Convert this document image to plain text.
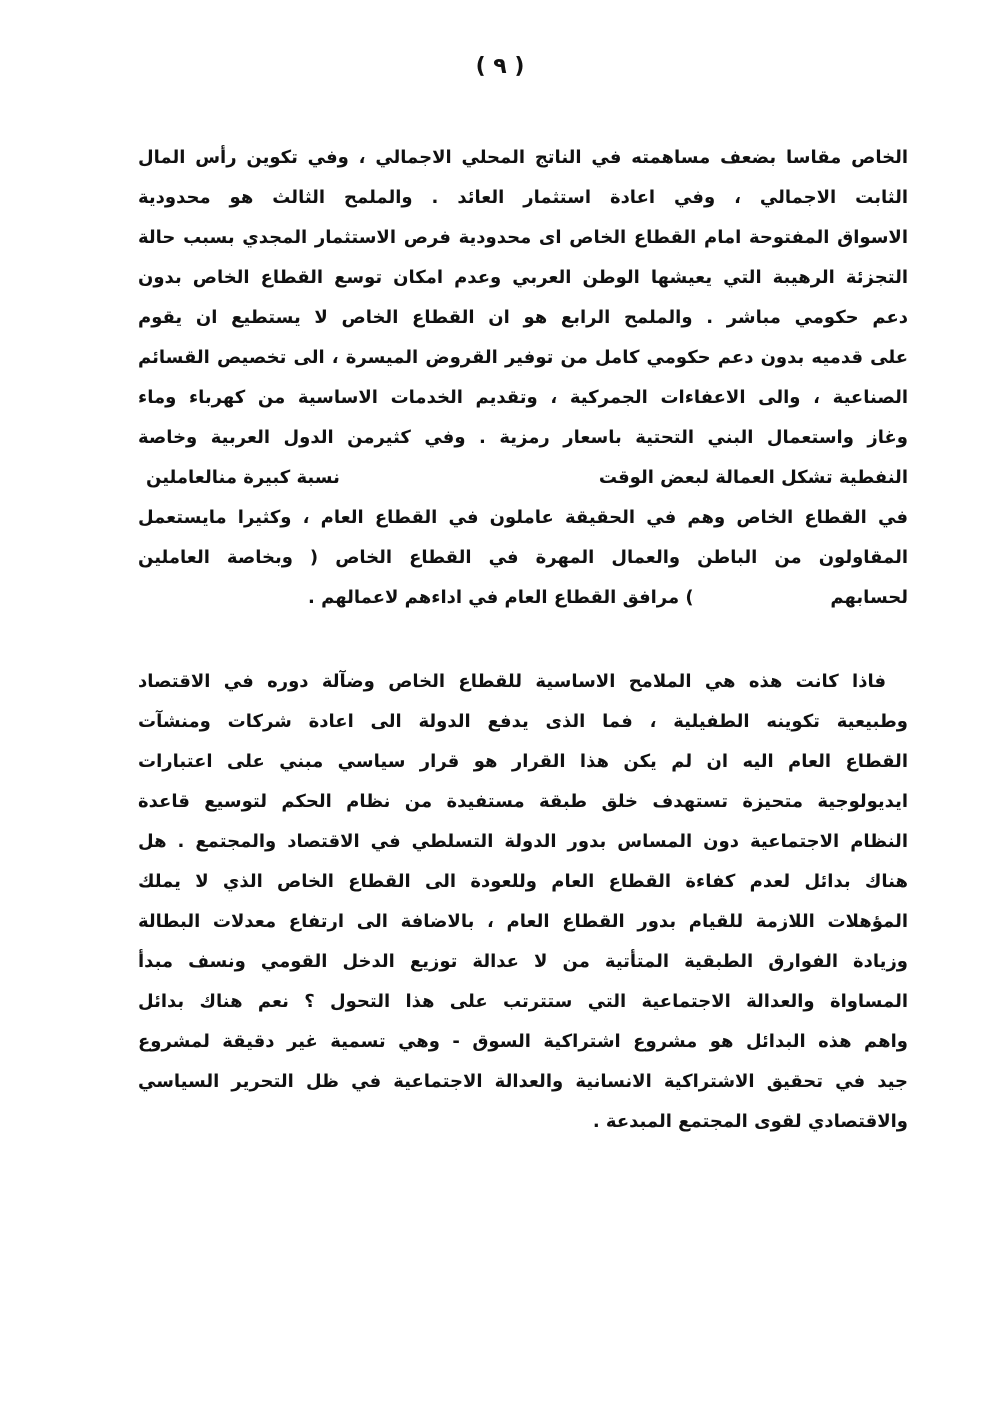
( ٩ )
الخاص مقاسا بضعف مساهمته في الناتج المحلي الاجمالي ، وفي تكوين رأس المال
الثابت الاجمالي ، وفي اعادة استثمار العائد . والملمح الثالث هو محدودية
الاسواق المفتوحة امام القطاع الخاص اى محدودية فرص الاستثمار المجدي بسبب حالة
التجزئة الرهيبة التي يعيشها الوطن العربي وعدم امكان توسع القطاع الخاص بدون
دعم حكومي مباشر . والملمح الرابع هو ان القطاع الخاص لا يستطيع ان يقوم
على قدميه بدون دعم حكومي كامل من توفير القروض الميسرة ، الى تخصيص القسائم
الصناعية ، والى الاعفاءات الجمركية ، وتقديم الخدمات الاساسية من كهرباء وماء
وغاز واستعمال البني التحتية باسعار رمزية . وفي كثيرمن الدول العربية وخاصة
النفطية تشكل العمالة لبعض الوقت
نسبة كبيرة منالعاملين
في القطاع الخاص وهم في الحقيقة عاملون في القطاع العام ، وكثيرا مايستعمل
المقاولون من الباطن والعمال المهرة في القطاع الخاص ( وبخاصة العاملين
لحسابهم
) مرافق القطاع العام في اداءهم لاعمالهم .
فاذا كانت هذه هي الملامح الاساسية للقطاع الخاص وضآلة دوره في الاقتصاد
وطبيعية تكوينه الطفيلية ، فما الذى يدفع الدولة الى اعادة شركات ومنشآت
القطاع العام اليه ان لم يكن هذا القرار هو قرار سياسي مبني على اعتبارات
ايديولوجية متحيزة تستهدف خلق طبقة مستفيدة من نظام الحكم لتوسيع قاعدة
النظام الاجتماعية دون المساس بدور الدولة التسلطي في الاقتصاد والمجتمع . هل
هناك بدائل لعدم كفاءة القطاع العام وللعودة الى القطاع الخاص الذي لا يملك
المؤهلات اللازمة للقيام بدور القطاع العام ، بالاضافة الى ارتفاع معدلات البطالة
وزيادة الفوارق الطبقية المتأتية من لا عدالة توزيع الدخل القومي ونسف مبدأ
المساواة والعدالة الاجتماعية التي ستترتب على هذا التحول ؟ نعم هناك بدائل
واهم هذه البدائل هو مشروع اشتراكية السوق - وهي تسمية غير دقيقة لمشروع
جيد في تحقيق الاشتراكية الانسانية والعدالة الاجتماعية في ظل التحرير السياسي
والاقتصادي لقوى المجتمع المبدعة .
